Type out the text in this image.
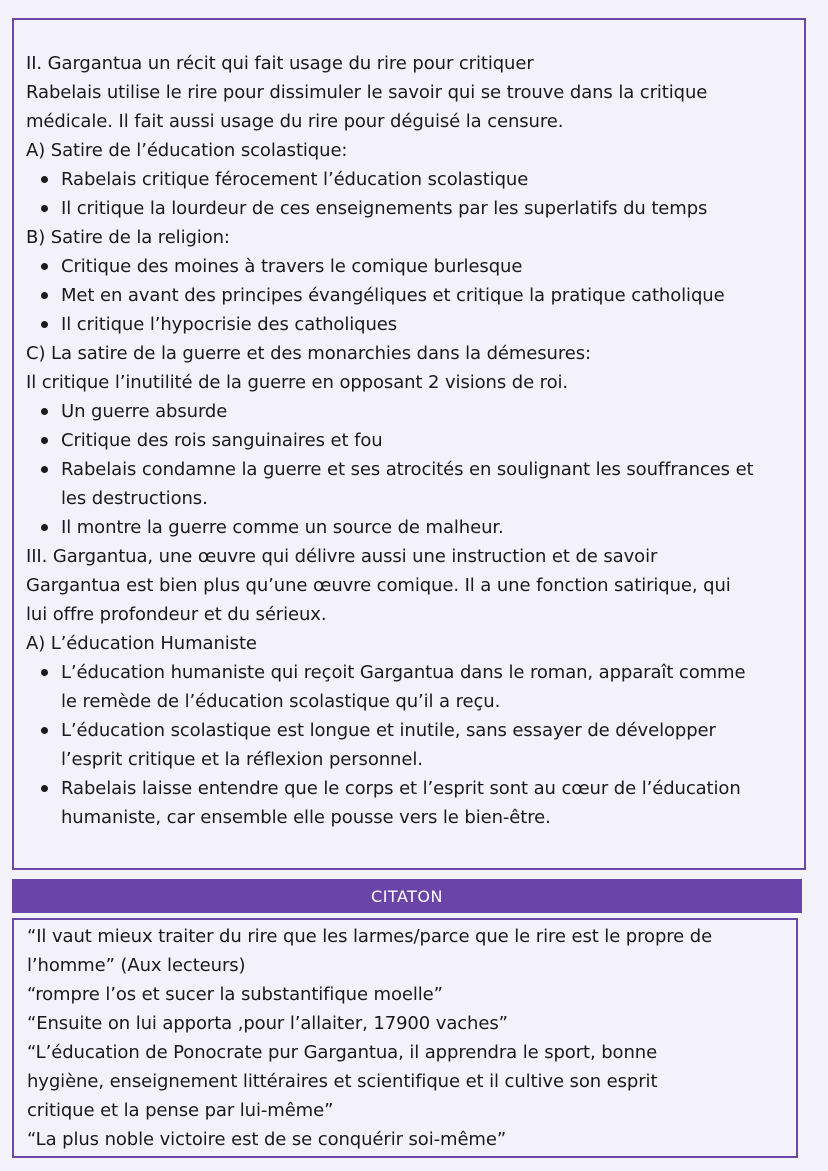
II. Gargantua un récit qui fait usage du rire pour critiquer
Rabelais utilise le rire pour dissimuler le savoir qui se trouve dans la critique
médicale. Il fait aussi usage du rire pour déguisé la censure.
A) Satire de l’éducation scolastique:
Rabelais critique férocement l’éducation scolastique
Il critique la lourdeur de ces enseignements par les superlatifs du temps
B) Satire de la religion:
Critique des moines à travers le comique burlesque
Met en avant des principes évangéliques et critique la pratique catholique
Il critique l’hypocrisie des catholiques
C) La satire de la guerre et des monarchies dans la démesures:
Il critique l’inutilité de la guerre en opposant 2 visions de roi.
Un guerre absurde
Critique des rois sanguinaires et fou
Rabelais condamne la guerre et ses atrocités en soulignant les souffrances et
les destructions.
Il montre la guerre comme un source de malheur.
III. Gargantua, une œuvre qui délivre aussi une instruction et de savoir
Gargantua est bien plus qu’une œuvre comique. Il a une fonction satirique, qui
lui offre profondeur et du sérieux.
A) L’éducation Humaniste
L’éducation humaniste qui reçoit Gargantua dans le roman, apparaît comme
le remède de l’éducation scolastique qu’il a reçu.
L’éducation scolastique est longue et inutile, sans essayer de développer
l’esprit critique et la réflexion personnel.
Rabelais laisse entendre que le corps et l’esprit sont au cœur de l’éducation
humaniste, car ensemble elle pousse vers le bien-être.
CITATON
“Il vaut mieux traiter du rire que les larmes/parce que le rire est le propre de
l’homme” (Aux lecteurs)
“rompre l’os et sucer la substantifique moelle”
“Ensuite on lui apporta ,pour l’allaiter, 17900 vaches”
“L’éducation de Ponocrate pur Gargantua, il apprendra le sport, bonne
hygiène, enseignement littéraires et scientifique et il cultive son esprit
critique et la pense par lui-même”
“La plus noble victoire est de se conquérir soi-même”
